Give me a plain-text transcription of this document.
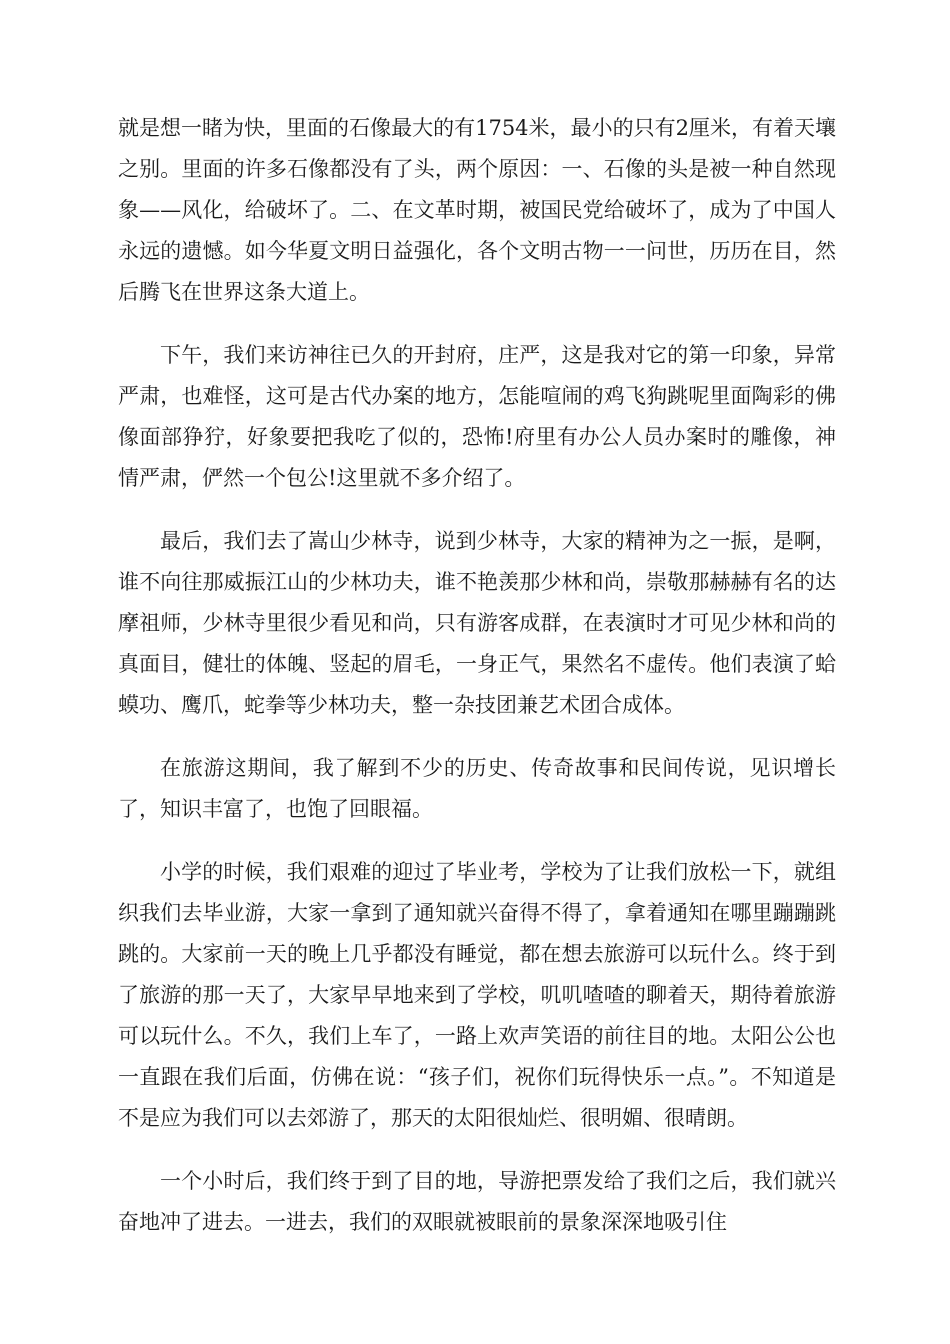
就是想一睹为快，里面的石像最大的有1754米，最小的只有2厘米，有着天壤之别。里面的许多石像都没有了头，两个原因：一、石像的头是被一种自然现象——风化，给破坏了。二、在文革时期，被国民党给破坏了，成为了中国人永远的遗憾。如今华夏文明日益强化，各个文明古物一一问世，历历在目，然后腾飞在世界这条大道上。

下午，我们来访神往已久的开封府，庄严，这是我对它的第一印象，异常严肃，也难怪，这可是古代办案的地方，怎能喧闹的鸡飞狗跳呢里面陶彩的佛像面部狰狞，好象要把我吃了似的，恐怖!府里有办公人员办案时的雕像，神情严肃，俨然一个包公!这里就不多介绍了。

最后，我们去了嵩山少林寺，说到少林寺，大家的精神为之一振，是啊，谁不向往那威振江山的少林功夫，谁不艳羡那少林和尚，崇敬那赫赫有名的达摩祖师，少林寺里很少看见和尚，只有游客成群，在表演时才可见少林和尚的真面目，健壮的体魄、竖起的眉毛，一身正气，果然名不虚传。他们表演了蛤蟆功、鹰爪，蛇拳等少林功夫，整一杂技团兼艺术团合成体。

在旅游这期间，我了解到不少的历史、传奇故事和民间传说，见识增长了，知识丰富了，也饱了回眼福。

小学的时候，我们艰难的迎过了毕业考，学校为了让我们放松一下，就组织我们去毕业游，大家一拿到了通知就兴奋得不得了，拿着通知在哪里蹦蹦跳跳的。大家前一天的晚上几乎都没有睡觉，都在想去旅游可以玩什么。终于到了旅游的那一天了，大家早早地来到了学校，叽叽喳喳的聊着天，期待着旅游可以玩什么。不久，我们上车了，一路上欢声笑语的前往目的地。太阳公公也一直跟在我们后面，仿佛在说：“孩子们，祝你们玩得快乐一点。”。不知道是不是应为我们可以去郊游了，那天的太阳很灿烂、很明媚、很晴朗。

一个小时后，我们终于到了目的地，导游把票发给了我们之后，我们就兴奋地冲了进去。一进去，我们的双眼就被眼前的景象深深地吸引住
